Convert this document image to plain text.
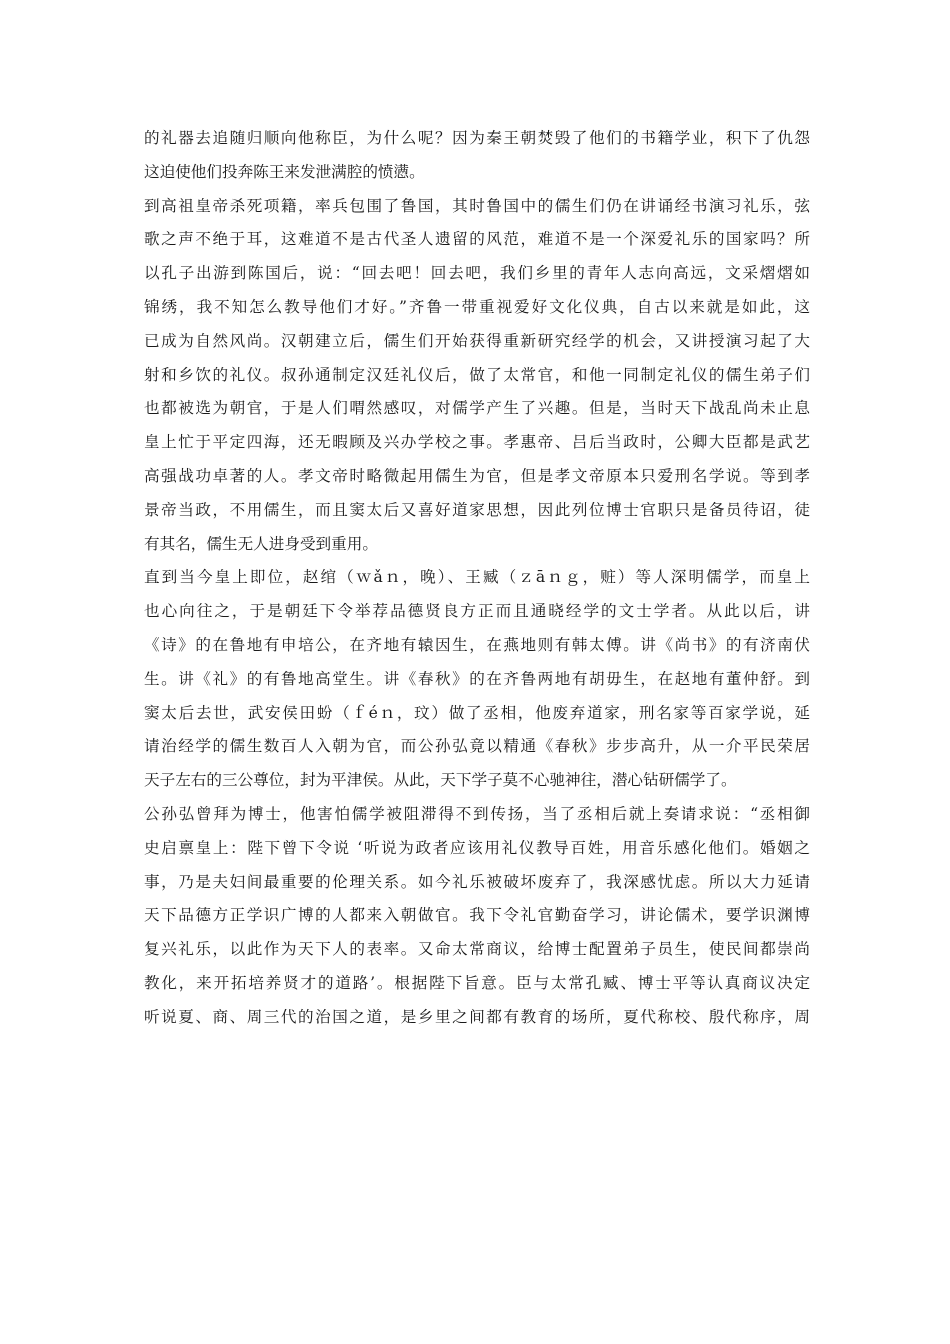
的礼器去追随归顺向他称臣，为什么呢？因为秦王朝焚毁了他们的书籍学业，积下了仇怨
这迫使他们投奔陈王来发泄满腔的愤懑。
到高祖皇帝杀死项籍，率兵包围了鲁国，其时鲁国中的儒生们仍在讲诵经书演习礼乐，弦
歌之声不绝于耳，这难道不是古代圣人遗留的风范，难道不是一个深爱礼乐的国家吗？所
以孔子出游到陈国后，说：“回去吧！回去吧，我们乡里的青年人志向高远，文采熠熠如
锦绣，我不知怎么教导他们才好。”齐鲁一带重视爱好文化仪典，自古以来就是如此，这
已成为自然风尚。汉朝建立后，儒生们开始获得重新研究经学的机会，又讲授演习起了大
射和乡饮的礼仪。叔孙通制定汉廷礼仪后，做了太常官，和他一同制定礼仪的儒生弟子们
也都被选为朝官，于是人们喟然感叹，对儒学产生了兴趣。但是，当时天下战乱尚未止息
皇上忙于平定四海，还无暇顾及兴办学校之事。孝惠帝、吕后当政时，公卿大臣都是武艺
高强战功卓著的人。孝文帝时略微起用儒生为官，但是孝文帝原本只爱刑名学说。等到孝
景帝当政，不用儒生，而且窦太后又喜好道家思想，因此列位博士官职只是备员待诏，徒
有其名，儒生无人进身受到重用。
直到当今皇上即位，赵绾（ｗǎｎ，晚）、王臧（ｚāｎｇ，赃）等人深明儒学，而皇上
也心向往之，于是朝廷下令举荐品德贤良方正而且通晓经学的文士学者。从此以后，讲
《诗》的在鲁地有申培公，在齐地有辕因生，在燕地则有韩太傅。讲《尚书》的有济南伏
生。讲《礼》的有鲁地高堂生。讲《春秋》的在齐鲁两地有胡毋生，在赵地有董仲舒。到
窦太后去世，武安侯田蚡（ｆéｎ，玟）做了丞相，他废弃道家，刑名家等百家学说，延
请治经学的儒生数百人入朝为官，而公孙弘竟以精通《春秋》步步高升，从一介平民荣居
天子左右的三公尊位，封为平津侯。从此，天下学子莫不心驰神往，潜心钻研儒学了。
公孙弘曾拜为博士，他害怕儒学被阻滞得不到传扬，当了丞相后就上奏请求说：“丞相御
史启禀皇上：陛下曾下令说 ‘听说为政者应该用礼仪教导百姓，用音乐感化他们。婚姻之
事，乃是夫妇间最重要的伦理关系。如今礼乐被破坏废弃了，我深感忧虑。所以大力延请
天下品德方正学识广博的人都来入朝做官。我下令礼官勤奋学习，讲论儒术，要学识渊博
复兴礼乐，以此作为天下人的表率。又命太常商议，给博士配置弟子员生，使民间都崇尚
教化，来开拓培养贤才的道路’。根据陛下旨意。臣与太常孔臧、博士平等认真商议决定
听说夏、商、周三代的治国之道，是乡里之间都有教育的场所，夏代称校、殷代称序，周
